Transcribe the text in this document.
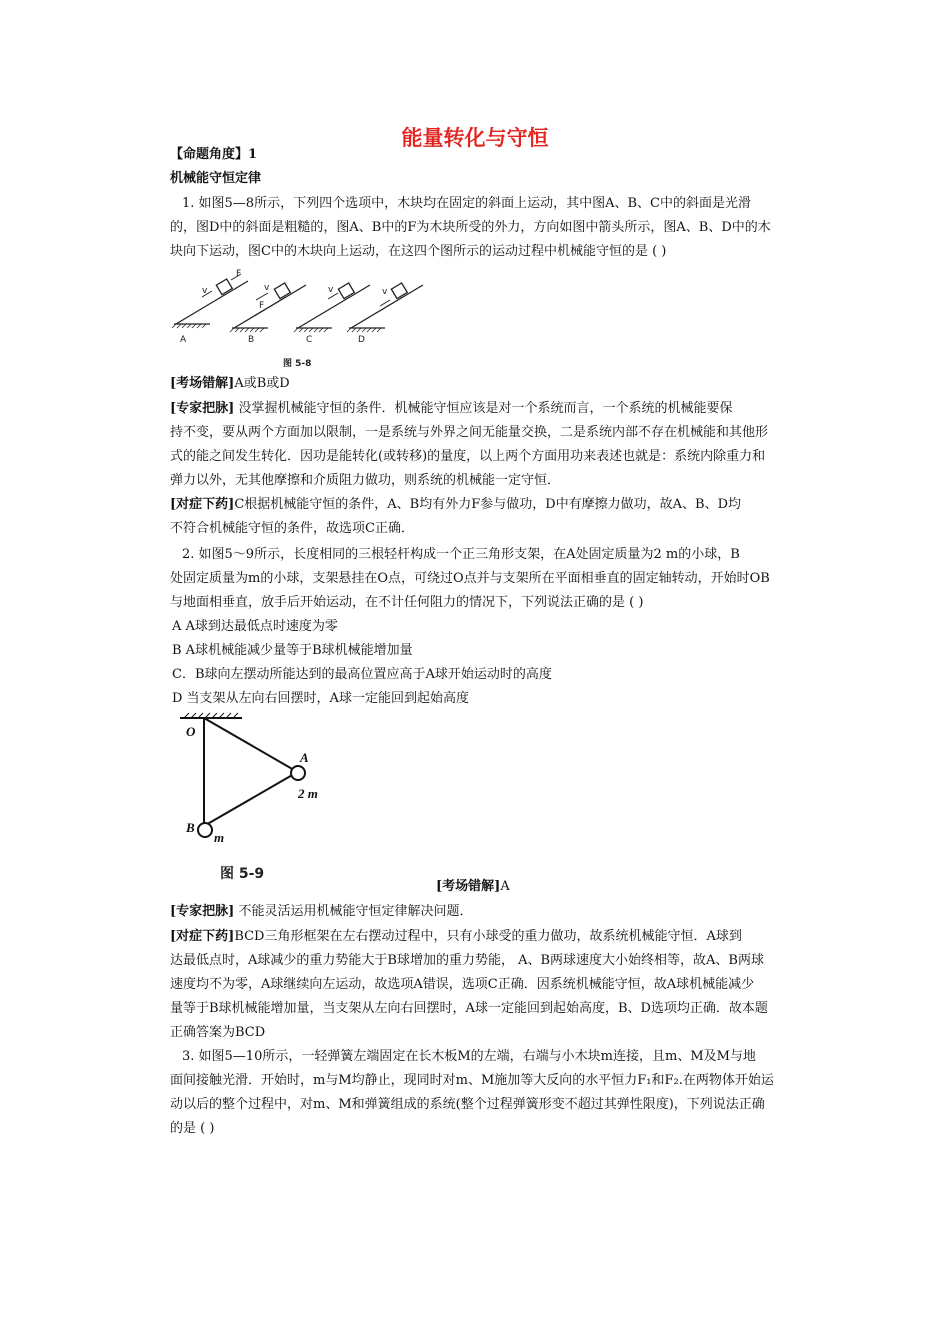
能量转化与守恒
【命题角度】1
机械能守恒定律
1. 如图5—8所示，下列四个选项中，木块均在固定的斜面上运动，其中图A、B、C中的斜面是光滑
的，图D中的斜面是粗糙的，图A、B中的F为木块所受的外力，方向如图中箭头所示，图A、B、D中的木
块向下运动，图C中的木块向上运动，在这四个图所示的运动过程中机械能守恒的是 ( )
v
F
A
v
F
B
v
C
v
D
图 5-8
[考场错解]A或B或D
[专家把脉] 没掌握机械能守恒的条件．机械能守恒应该是对一个系统而言，一个系统的机械能要保
持不变，要从两个方面加以限制，一是系统与外界之间无能量交换，二是系统内部不存在机械能和其他形
式的能之间发生转化．因功是能转化(或转移)的量度，以上两个方面用功来表述也就是：系统内除重力和
弹力以外，无其他摩擦和介质阻力做功，则系统的机械能一定守恒．
[对症下药]C根据机械能守恒的条件，A、B均有外力F参与做功，D中有摩擦力做功，故A、B、D均
不符合机械能守恒的条件，故选项C正确．
2. 如图5～9所示，长度相同的三根轻杆构成一个正三角形支架，在A处固定质量为2 m的小球，B
处固定质量为m的小球，支架悬挂在O点，可绕过O点并与支架所在平面相垂直的固定轴转动，开始时OB
与地面相垂直，放手后开始运动，在不计任何阻力的情况下，下列说法正确的是 ( )
A A球到达最低点时速度为零
B A球机械能减少量等于B球机械能增加量
C．B球向左摆动所能达到的最高位置应高于A球开始运动时的高度
D 当支架从左向右回摆时，A球一定能回到起始高度
O
A
2 m
B
m
图 5-9
[考场错解]A
[专家把脉] 不能灵活运用机械能守恒定律解决问题．
[对症下药]BCD三角形框架在左右摆动过程中，只有小球受的重力做功，故系统机械能守恒．A球到
达最低点时，A球减少的重力势能大于B球增加的重力势能， A、B两球速度大小始终相等，故A、B两球
速度均不为零，A球继续向左运动，故选项A错误，选项C正确．因系统机械能守恒，故A球机械能减少
量等于B球机械能增加量，当支架从左向右回摆时，A球一定能回到起始高度，B、D选项均正确．故本题
正确答案为BCD
3. 如图5—10所示，一轻弹簧左端固定在长木板M的左端，右端与小木块m连接，且m、M及M与地
面间接触光滑．开始时，m与M均静止，现同时对m、M施加等大反向的水平恒力F₁和F₂.在两物体开始运
动以后的整个过程中，对m、M和弹簧组成的系统(整个过程弹簧形变不超过其弹性限度)，下列说法正确
的是 ( )
